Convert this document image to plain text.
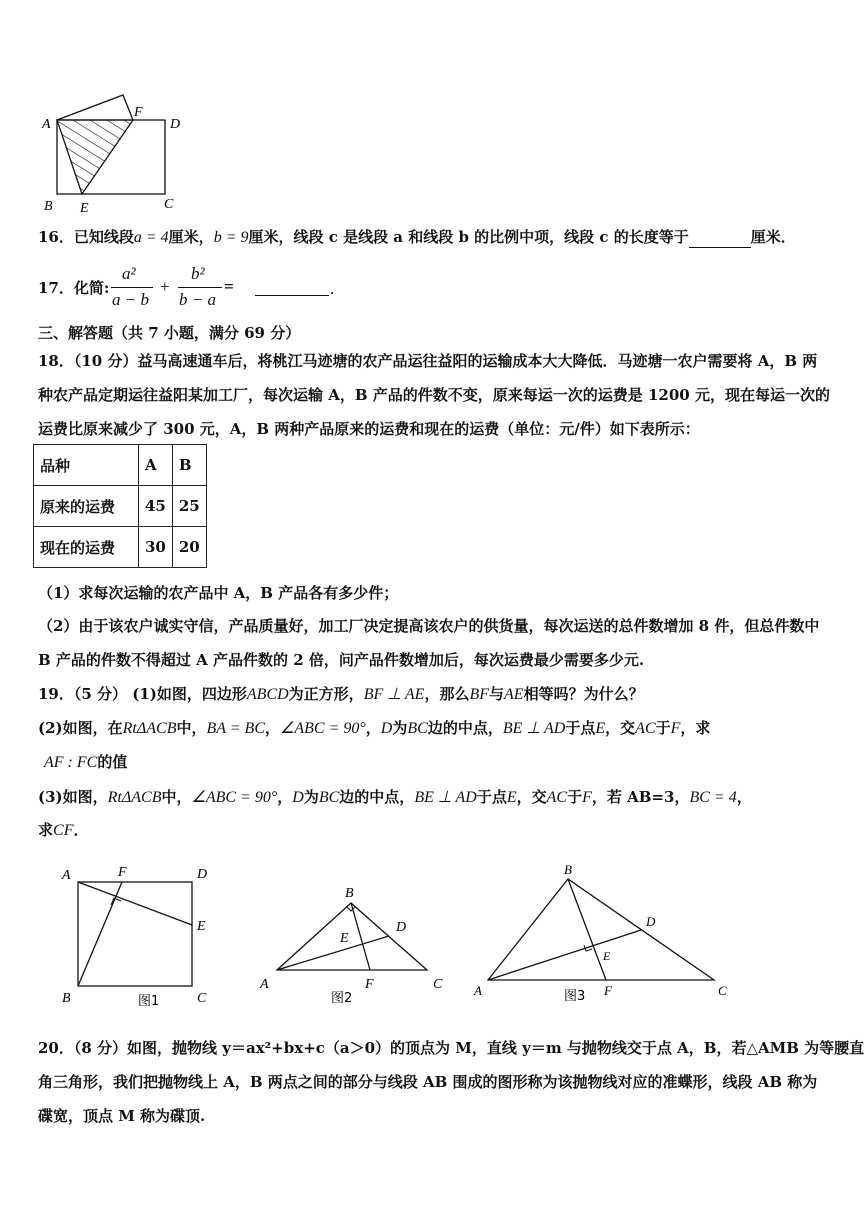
A
F
D
B E	C
16．已知线段a = 4厘米，b = 9厘米，线段 c 是线段 a 和线段 b 的比例中项，线段 c 的长度等于	厘米．
17．化简:
a²
a − b
+
b²
b − a
=	.
三、解答题（共 7 小题，满分 69 分）
18．（10 分）益马高速通车后，将桃江马迹塘的农产品运往益阳的运输成本大大降低．马迹塘一农户需要将 A，B 两
种农产品定期运往益阳某加工厂，每次运输 A，B 产品的件数不变，原来每运一次的运费是 1200 元，现在每运一次的
运费比原来减少了 300 元，A，B 两种产品原来的运费和现在的运费（单位：元/件）如下表所示：
品种	A	B
原来的运费	45	25
现在的运费	30	20
（1）求每次运输的农产品中 A，B 产品各有多少件；
（2）由于该农户诚实守信，产品质量好，加工厂决定提高该农户的供货量，每次运送的总件数增加 8 件，但总件数中
B 产品的件数不得超过 A 产品件数的 2 倍，问产品件数增加后，每次运费最少需要多少元.
19．（5 分） (1)如图，四边形ABCD为正方形，BF ⊥ AE，那么BF与AE相等吗？为什么？
(2)如图，在RtΔACB中，BA = BC，∠ABC = 90°，D为BC边的中点，BE ⊥ AD于点E，交AC于F，求
AF : FC的值
(3)如图，RtΔACB中，∠ABC = 90°，D为BC边的中点，BE ⊥ AD于点E，交AC于F，若 AB=3，BC = 4，
求CF．
A	F	D
E
B	C
图1
B
D
E
A	F	C
图2
B
D
E
A	F	C
图3
20．（8 分）如图，抛物线 y＝ax²+bx+c（a＞0）的顶点为 M，直线 y＝m 与抛物线交于点 A，B，若△AMB 为等腰直
角三角形，我们把抛物线上 A，B 两点之间的部分与线段 AB 围成的图形称为该抛物线对应的准蝶形，线段 AB 称为
碟宽，顶点 M 称为碟顶.
